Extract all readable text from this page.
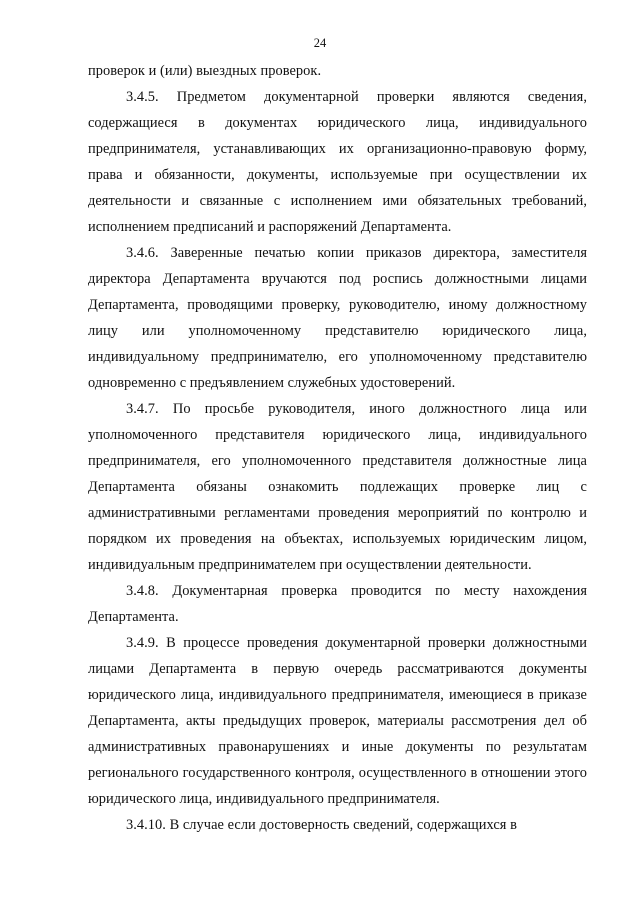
24

проверок и (или) выездных проверок.

3.4.5. Предметом документарной проверки являются сведения, содержащиеся в документах юридического лица, индивидуального предпринимателя, устанавливающих их организационно-правовую форму, права и обязанности, документы, используемые при осуществлении их деятельности и связанные с исполнением ими обязательных требований, исполнением предписаний и распоряжений Департамента.

3.4.6. Заверенные печатью копии приказов директора, заместителя директора Департамента вручаются под роспись должностными лицами Департамента, проводящими проверку, руководителю, иному должностному лицу или уполномоченному представителю юридического лица, индивидуальному предпринимателю, его уполномоченному представителю одновременно с предъявлением служебных удостоверений.

3.4.7. По просьбе руководителя, иного должностного лица или уполномоченного представителя юридического лица, индивидуального предпринимателя, его уполномоченного представителя должностные лица Департамента обязаны ознакомить подлежащих проверке лиц с административными регламентами проведения мероприятий по контролю и порядком их проведения на объектах, используемых юридическим лицом, индивидуальным предпринимателем при осуществлении деятельности.

3.4.8. Документарная проверка проводится по месту нахождения Департамента.

3.4.9. В процессе проведения документарной проверки должностными лицами Департамента в первую очередь рассматриваются документы юридического лица, индивидуального предпринимателя, имеющиеся в приказе Департамента, акты предыдущих проверок, материалы рассмотрения дел об административных правонарушениях и иные документы по результатам регионального государственного контроля, осуществленного в отношении этого юридического лица, индивидуального предпринимателя.

3.4.10. В случае если достоверность сведений, содержащихся в
